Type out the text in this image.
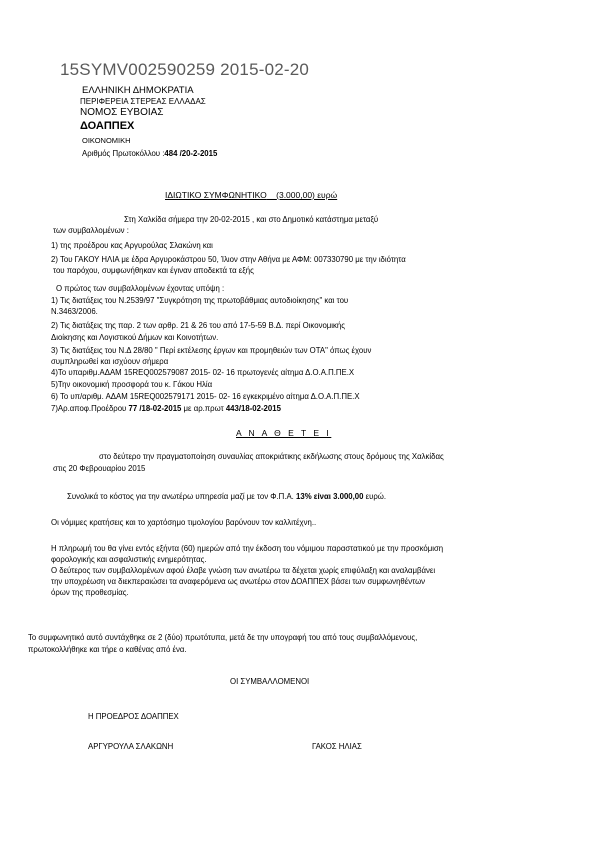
15SYMV002590259 2015-02-20
ΕΛΛΗΝΙΚΗ ΔΗΜΟΚΡΑΤΙΑ
ΠΕΡΙΦΕΡΕΙΑ ΣΤΕΡΕΑΣ ΕΛΛΑΔΑΣ
ΝΟΜΟΣ ΕΥΒΟΙΑΣ
ΔΟΑΠΠΕΧ
ΟΙΚΟΝΟΜΙΚΗ
Αριθμός Πρωτοκόλλου :484 /20-2-2015
ΙΔΙΩΤΙΚΟ ΣΥΜΦΩΝΗΤΙΚΟ (3.000,00) ευρώ
Στη Χαλκίδα σήμερα την 20-02-2015 , και στο Δημοτικό κατάστημα μεταξύ
των συμβαλλομένων :
1) της προέδρου κας Αργυρούλας Σλακώνη και
2) Του ΓΑΚΟΥ ΗΛΙΑ με έδρα Αργυροκάστρου 50, Ίλιον στην Αθήνα με ΑΦΜ: 007330790 με την ιδιότητα
του παρόχου, συμφωνήθηκαν και έγιναν αποδεκτά τα εξής
Ο πρώτος των συμβαλλομένων έχοντας υπόψη :
1) Τις διατάξεις του Ν.2539/97 "Συγκρότηση της πρωτοβάθμιας αυτοδιοίκησης" και του
Ν.3463/2006.
2) Τις διατάξεις της παρ. 2 των αρθρ. 21 & 26 του από 17-5-59 Β.Δ. περί Οικονομικής
Διοίκησης και Λογιστικού Δήμων και Κοινοτήτων.
3) Τις διατάξεις του Ν.Δ 28/80 " Περί εκτέλεσης έργων και προμηθειών των ΟΤΑ" όπως έχουν
συμπληρωθεί και ισχύουν σήμερα
4)Το υπαριθμ.ΑΔΑΜ 15REQ002579087 2015- 02- 16 πρωτογενές αίτημα Δ.Ο.Α.Π.ΠΕ.Χ
5)Την οικονομική προσφορά του κ. Γάκου Ηλία
6) Το υπ/αριθμ. ΑΔΑΜ 15REQ002579171 2015- 02- 16 εγκεκριμένο αίτημα Δ.Ο.Α.Π.ΠΕ.Χ
7)Αρ.αποφ.Προέδρου 77 /18-02-2015 με αρ.πρωτ 443/18-02-2015
Α Ν Α Θ Ε Τ Ε Ι
στο δεύτερο την πραγματοποίηση συναυλίας αποκριάτικης εκδήλωσης στους δρόμους της Χαλκίδας
στις 20 Φεβρουαρίου 2015
Συνολικά το κόστος για την ανωτέρω υπηρεσία μαζί με τον Φ.Π.Α. 13% είναι 3.000,00 ευρώ.
Οι νόμιμες κρατήσεις και το χαρτόσημο τιμολογίου βαρύνουν τον καλλιτέχνη..
Η πληρωμή του θα γίνει εντός εξήντα (60) ημερών από την έκδοση του νόμιμου παραστατικού με την προσκόμιση
φορολογικής και ασφαλιστικής ενημερότητας.
Ο δεύτερος των συμβαλλομένων αφού έλαβε γνώση των ανωτέρω τα δέχεται χωρίς επιφύλαξη και αναλαμβάνει
την υποχρέωση να διεκπεραιώσει τα αναφερόμενα ως ανωτέρω στον ΔΟΑΠΠΕΧ βάσει των συμφωνηθέντων
όρων της προθεσμίας.
Το συμφωνητικό αυτό συντάχθηκε σε 2 (δύο) πρωτότυπα, μετά δε την υπογραφή του από τους συμβαλλόμενους,
πρωτοκολλήθηκε και τήρε ο καθένας από ένα.
ΟΙ ΣΥΜΒΑΛΛΟΜΕΝΟΙ
Η ΠΡΟΕΔΡΟΣ ΔΟΑΠΠΕΧ
ΑΡΓΥΡΟΥΛΑ ΣΛΑΚΩΝΗ	ΓΑΚΟΣ ΗΛΙΑΣ
